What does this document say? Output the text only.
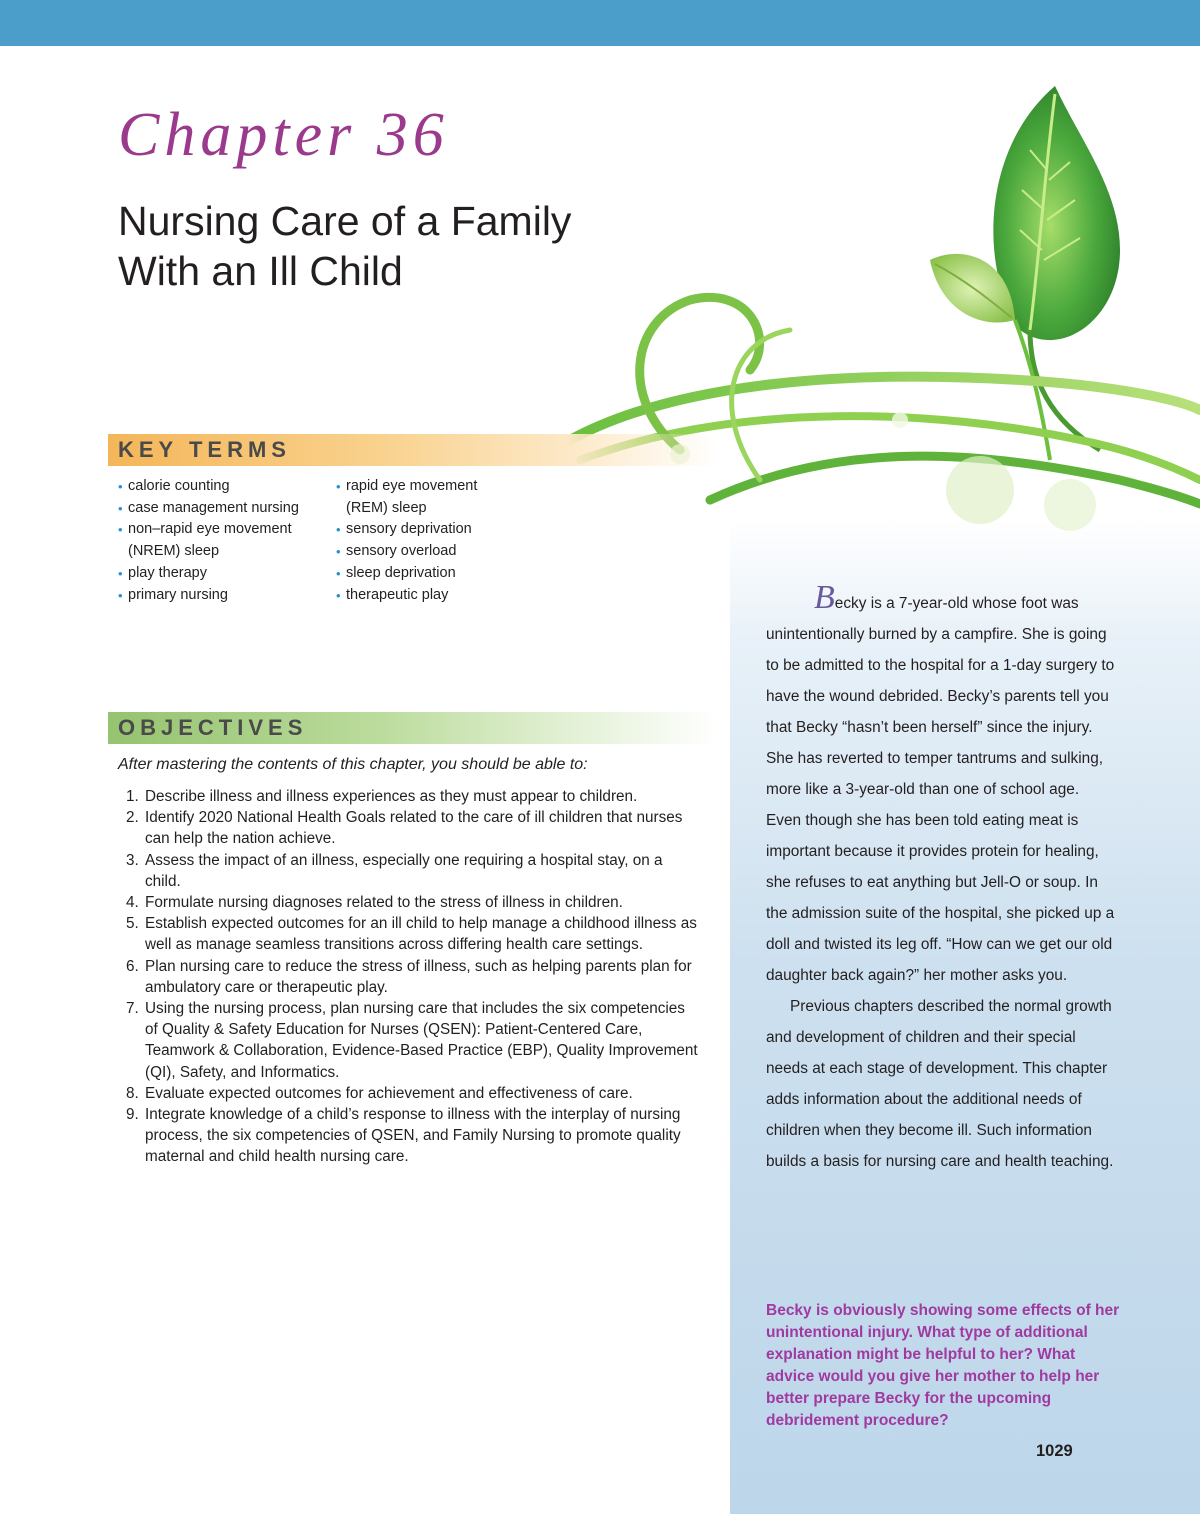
Chapter 36
Nursing Care of a Family
With an Ill Child
KEY TERMS
• calorie counting
• case management nursing
• non–rapid eye movement
(NREM) sleep
• play therapy
• primary nursing
• rapid eye movement
(REM) sleep
• sensory deprivation
• sensory overload
• sleep deprivation
• therapeutic play
OBJECTIVES

After mastering the contents of this chapter, you should be able to:

1. Describe illness and illness experiences as they must appear to children.
2. Identify 2020 National Health Goals related to the care of ill children that nurses can help the nation achieve.
3. Assess the impact of an illness, especially one requiring a hospital stay, on a child.
4. Formulate nursing diagnoses related to the stress of illness in children.
5. Establish expected outcomes for an ill child to help manage a childhood illness as well as manage seamless transitions across differing health care settings.
6. Plan nursing care to reduce the stress of illness, such as helping parents plan for ambulatory care or therapeutic play.
7. Using the nursing process, plan nursing care that includes the six competencies of Quality & Safety Education for Nurses (QSEN): Patient-Centered Care, Teamwork & Collaboration, Evidence-Based Practice (EBP), Quality Improvement (QI), Safety, and Informatics.
8. Evaluate expected outcomes for achievement and effectiveness of care.
9. Integrate knowledge of a child’s response to illness with the interplay of nursing process, the six competencies of QSEN, and Family Nursing to promote quality maternal and child health nursing care.

Becky is a 7-year-old whose foot was unintentionally burned by a campfire. She is going to be admitted to the hospital for a 1-day surgery to have the wound debrided. Becky’s parents tell you that Becky “hasn’t been herself” since the injury. She has reverted to temper tantrums and sulking, more like a 3-year-old than one of school age. Even though she has been told eating meat is important because it provides protein for healing, she refuses to eat anything but Jell-O or soup. In the admission suite of the hospital, she picked up a doll and twisted its leg off. “How can we get our old daughter back again?” her mother asks you.

Previous chapters described the normal growth and development of children and their special needs at each stage of development. This chapter adds information about the additional needs of children when they become ill. Such information builds a basis for nursing care and health teaching.

Becky is obviously showing some effects of her unintentional injury. What type of additional explanation might be helpful to her? What advice would you give her mother to help her better prepare Becky for the upcoming debridement procedure?

1029
